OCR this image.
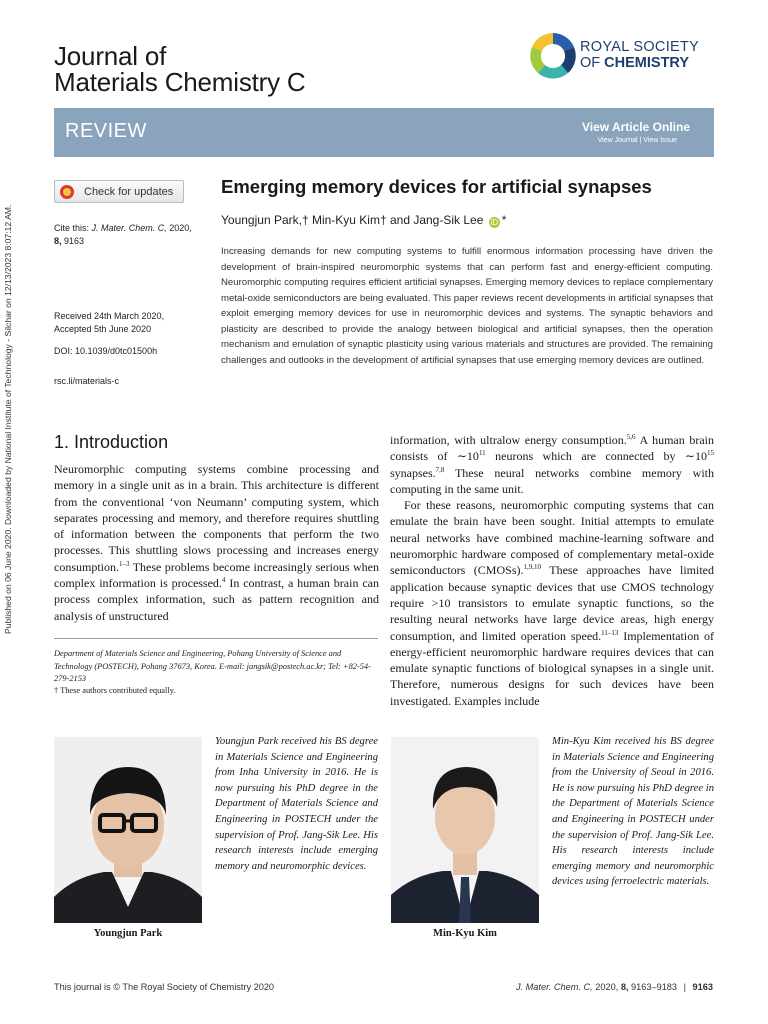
Published on 06 June 2020. Downloaded by National Institute of Technology - Silchar on 12/13/2023 8:07:12 AM.
Journal of
Materials Chemistry C
ROYAL SOCIETY
OF CHEMISTRY
REVIEW	View Article Online
View Journal | View Issue
Check for updates
Cite this: J. Mater. Chem. C, 2020,
8, 9163
Received 24th March 2020,
Accepted 5th June 2020
DOI: 10.1039/d0tc01500h
rsc.li/materials-c
Emerging memory devices for artificial synapses
Youngjun Park,† Min-Kyu Kim† and Jang-Sik Lee iD *
Increasing demands for new computing systems to fulfill enormous information processing have driven the development of brain-inspired neuromorphic systems that can perform fast and energy-efficient computing. Neuromorphic computing requires efficient artificial synapses. Emerging memory devices to replace complementary metal-oxide semiconductors are being evaluated. This paper reviews recent developments in artificial synapses that exploit emerging memory devices for use in neuromorphic devices and systems. The synaptic behaviors and plasticity are described to provide the analogy between biological and artificial synapses, then the operation mechanism and emulation of synaptic plasticity using various materials and structures are provided. The remaining challenges and outlooks in the development of artificial synapses that use emerging memory devices are outlined.
1. Introduction

Neuromorphic computing systems combine processing and memory in a single unit as in a brain. This architecture is different from the conventional ‘von Neumann’ computing system, which separates processing and memory, and therefore requires shuttling of information between the components that perform the two processes. This shuttling slows processing and increases energy consumption.$^{1-3}$ These problems become increasingly serious when complex information is processed.$^4$ In contrast, a human brain can process complex information, such as pattern recognition and analysis of unstructured

Department of Materials Science and Engineering, Pohang University of Science and Technology (POSTECH), Pohang 37673, Korea. E-mail: jangsik@postech.ac.kr; Tel: +82-54-279-2153
† These authors contributed equally.

information, with ultralow energy consumption.$^{5,6}$ A human brain consists of $\sim 10^{11}$ neurons which are connected by $\sim 10^{15}$ synapses.$^{7,8}$ These neural networks combine memory with computing in the same unit.

For these reasons, neuromorphic computing systems that can emulate the brain have been sought. Initial attempts to emulate neural networks have combined machine-learning software and neuromorphic hardware composed of complementary metal-oxide semiconductors (CMOSs).$^{1,9,10}$ These approaches have limited application because synaptic devices that use CMOS technology require >10 transistors to emulate synaptic functions, so the resulting neural networks have large device areas, high energy consumption, and limited operation speed.$^{11-13}$ Implementation of energy-efficient neuromorphic hardware requires devices that can emulate synaptic functions of biological synapses in a single unit. Therefore, numerous designs for such devices have been investigated. Examples include

Youngjun Park
Youngjun Park received his BS degree in Materials Science and Engineering from Inha University in 2016. He is now pursuing his PhD degree in the Department of Materials Science and Engineering in POSTECH under the supervision of Prof. Jang-Sik Lee. His research interests include emerging memory and neuromorphic devices.
Min-Kyu Kim
Min-Kyu Kim received his BS degree in Materials Science and Engineering from the University of Seoul in 2016. He is now pursuing his PhD degree in the Department of Materials Science and Engineering in POSTECH under the supervision of Prof. Jang-Sik Lee. His research interests include emerging memory and neuromorphic devices using ferroelectric materials.
This journal is © The Royal Society of Chemistry 2020	J. Mater. Chem. C, 2020, 8, 9163–9183 | 9163
